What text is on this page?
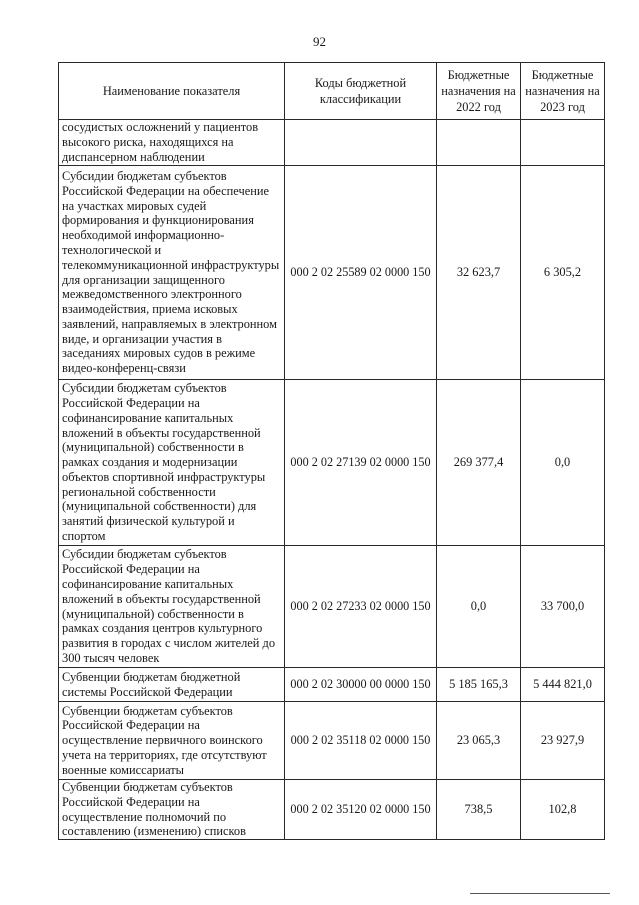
92
Наименование показателя	Коды бюджетной классификации	Бюджетные назначения на 2022 год	Бюджетные назначения на 2023 год
сосудистых осложнений у пациентов высокого риска, находящихся на диспансерном наблюдении			
Субсидии бюджетам субъектов Российской Федерации на обеспечение на участках мировых судей формирования и функционирования необходимой информационно-технологической и телекоммуникационной инфраструктуры для организации защищенного межведомственного электронного взаимодействия, приема исковых заявлений, направляемых в электронном виде, и организации участия в заседаниях мировых судов в режиме видео-конференц-связи	000 2 02 25589 02 0000 150	32 623,7	6 305,2
Субсидии бюджетам субъектов Российской Федерации на софинансирование капитальных вложений в объекты государственной (муниципальной) собственности в рамках создания и модернизации объектов спортивной инфраструктуры региональной собственности (муниципальной собственности) для занятий физической культурой и спортом	000 2 02 27139 02 0000 150	269 377,4	0,0
Субсидии бюджетам субъектов Российской Федерации на софинансирование капитальных вложений в объекты государственной (муниципальной) собственности в рамках создания центров культурного развития в городах с числом жителей до 300 тысяч человек	000 2 02 27233 02 0000 150	0,0	33 700,0
Субвенции бюджетам бюджетной системы Российской Федерации	000 2 02 30000 00 0000 150	5 185 165,3	5 444 821,0
Субвенции бюджетам субъектов Российской Федерации на осуществление первичного воинского учета на территориях, где отсутствуют военные комиссариаты	000 2 02 35118 02 0000 150	23 065,3	23 927,9
Субвенции бюджетам субъектов Российской Федерации на осуществление полномочий по составлению (изменению) списков	000 2 02 35120 02 0000 150	738,5	102,8
